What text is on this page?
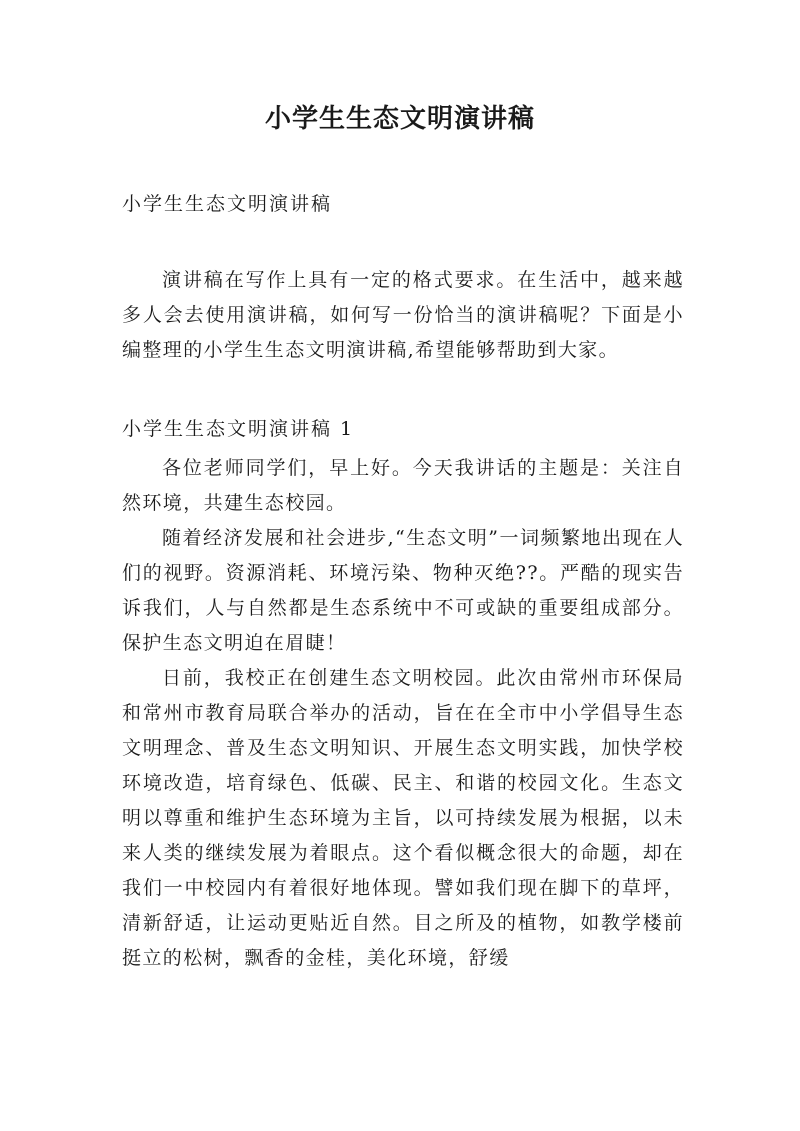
小学生生态文明演讲稿
小学生生态文明演讲稿

演讲稿在写作上具有一定的格式要求。在生活中，越来越多人会去使用演讲稿，如何写一份恰当的演讲稿呢？下面是小编整理的小学生生态文明演讲稿,希望能够帮助到大家。

小学生生态文明演讲稿 1

各位老师同学们，早上好。今天我讲话的主题是：关注自然环境，共建生态校园。

随着经济发展和社会进步,“生态文明”一词频繁地出现在人们的视野。资源消耗、环境污染、物种灭绝??。严酷的现实告诉我们，人与自然都是生态系统中不可或缺的重要组成部分。保护生态文明迫在眉睫！

日前，我校正在创建生态文明校园。此次由常州市环保局和常州市教育局联合举办的活动，旨在在全市中小学倡导生态文明理念、普及生态文明知识、开展生态文明实践，加快学校环境改造，培育绿色、低碳、民主、和谐的校园文化。生态文明以尊重和维护生态环境为主旨，以可持续发展为根据，以未来人类的继续发展为着眼点。这个看似概念很大的命题，却在我们一中校园内有着很好地体现。譬如我们现在脚下的草坪，清新舒适，让运动更贴近自然。目之所及的植物，如教学楼前挺立的松树，飘香的金桂，美化环境，舒缓
